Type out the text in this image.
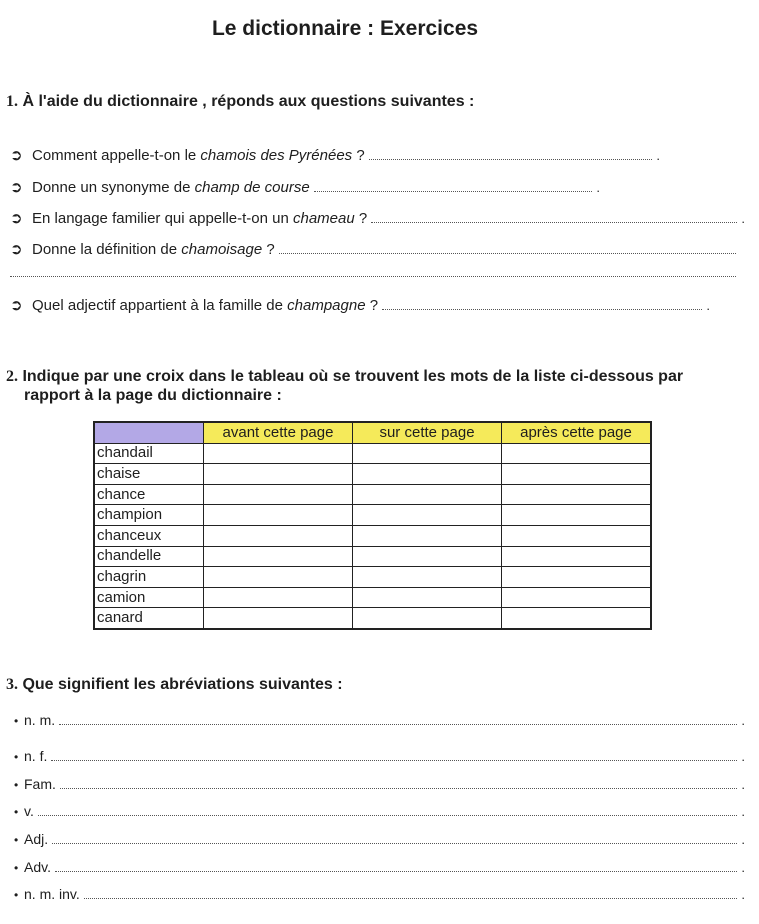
Le dictionnaire : Exercices
1. À l'aide du dictionnaire , réponds aux questions suivantes :
➲ Comment appelle-t-on le chamois des Pyrénées ?	.
➲ Donne un synonyme de champ de course	.
➲ En langage familier qui appelle-t-on un chameau ?	.
➲ Donne la définition de chamoisage ?
➲ Quel adjectif appartient à la famille de champagne ?	.
2. Indique par une croix dans le tableau où se trouvent les mots de la liste ci-dessous par
rapport à la page du dictionnaire :
	avant cette page	sur cette page	après cette page
chandail			
chaise			
chance			
champion			
chanceux			
chandelle			
chagrin			
camion			
canard			
3. Que signifient les abréviations suivantes :
• n. m.	.
• n. f.	.
• Fam.	.
• v.	.
• Adj.	.
• Adv.	.
• n. m. inv.	.
